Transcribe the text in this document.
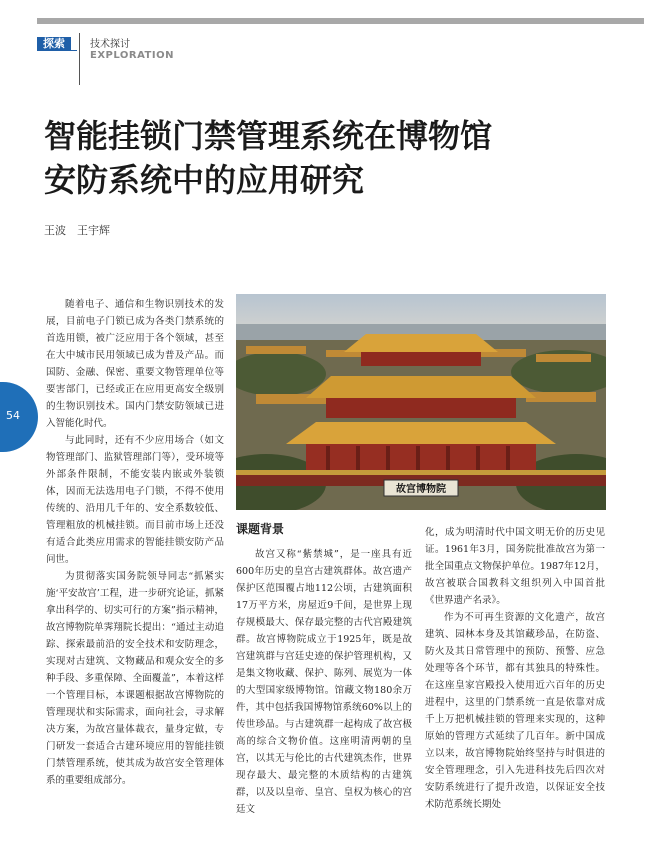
探索	技术探讨
EXPLORATION
智能挂锁门禁管理系统在博物馆
安防系统中的应用研究
王波　王宇辉
54

随着电子、通信和生物识别技术的发展，目前电子门锁已成为各类门禁系统的首选用锁，被广泛应用于各个领域，甚至在大中城市民用领域已成为普及产品。而国防、金融、保密、重要文物管理单位等要害部门，已经或正在应用更高安全级别的生物识别技术。国内门禁安防领域已进入智能化时代。

与此同时，还有不少应用场合（如文物管理部门、监狱管理部门等），受环境等外部条件限制，不能安装内嵌或外装锁体，因而无法选用电子门锁，不得不使用传统的、沿用几千年的、安全系数较低、管理粗放的机械挂锁。而目前市场上还没有适合此类应用需求的智能挂锁安防产品问世。

为贯彻落实国务院领导同志“抓紧实施‘平安故宫’工程，进一步研究论证，抓紧拿出科学的、切实可行的方案”指示精神，故宫博物院单霁翔院长提出：“通过主动追踪、探索最前沿的安全技术和安防理念，实现对古建筑、文物藏品和观众安全的多种手段、多重保障、全面覆盖”，本着这样一个管理目标，本课题根据故宫博物院的管理现状和实际需求，面向社会，寻求解决方案，为故宫量体裁衣，量身定做，专门研发一套适合古建环境应用的智能挂锁门禁管理系统，使其成为故宫安全管理体系的重要组成部分。

故宫博物院

课题背景

故宫又称“紫禁城”，是一座具有近600年历史的皇宫古建筑群体。故宫遗产保护区范围覆占地112公顷，古建筑面积17万平方米，房屋近9千间，是世界上现存规模最大、保存最完整的古代宫殿建筑群。故宫博物院成立于1925年，既是故宫建筑群与宫廷史迹的保护管理机构，又是集文物收藏、保护、陈列、展览为一体的大型国家级博物馆。馆藏文物180余万件，其中包括我国博物馆系统60%以上的传世珍品。与古建筑群一起构成了故宫极高的综合文物价值。这座明清两朝的皇宫，以其无与伦比的古代建筑杰作，世界现存最大、最完整的木质结构的古建筑群，以及以皇帝、皇宫、皇权为核心的宫廷文

化，成为明清时代中国文明无价的历史见证。1961年3月，国务院批准故宫为第一批全国重点文物保护单位。1987年12月，故宫被联合国教科文组织列入中国首批《世界遗产名录》。

作为不可再生资源的文化遗产，故宫建筑、园林本身及其馆藏珍品，在防盗、防火及其日常管理中的预防、预警、应急处理等各个环节，都有其独具的特殊性。在这座皇家宫殿投入使用近六百年的历史进程中，这里的门禁系统一直是依靠对成千上万把机械挂锁的管理来实现的，这种原始的管理方式延续了几百年。新中国成立以来，故宫博物院始终坚持与时俱进的安全管理理念，引入先进科技先后四次对安防系统进行了提升改造，以保证安全技术防范系统长期处
